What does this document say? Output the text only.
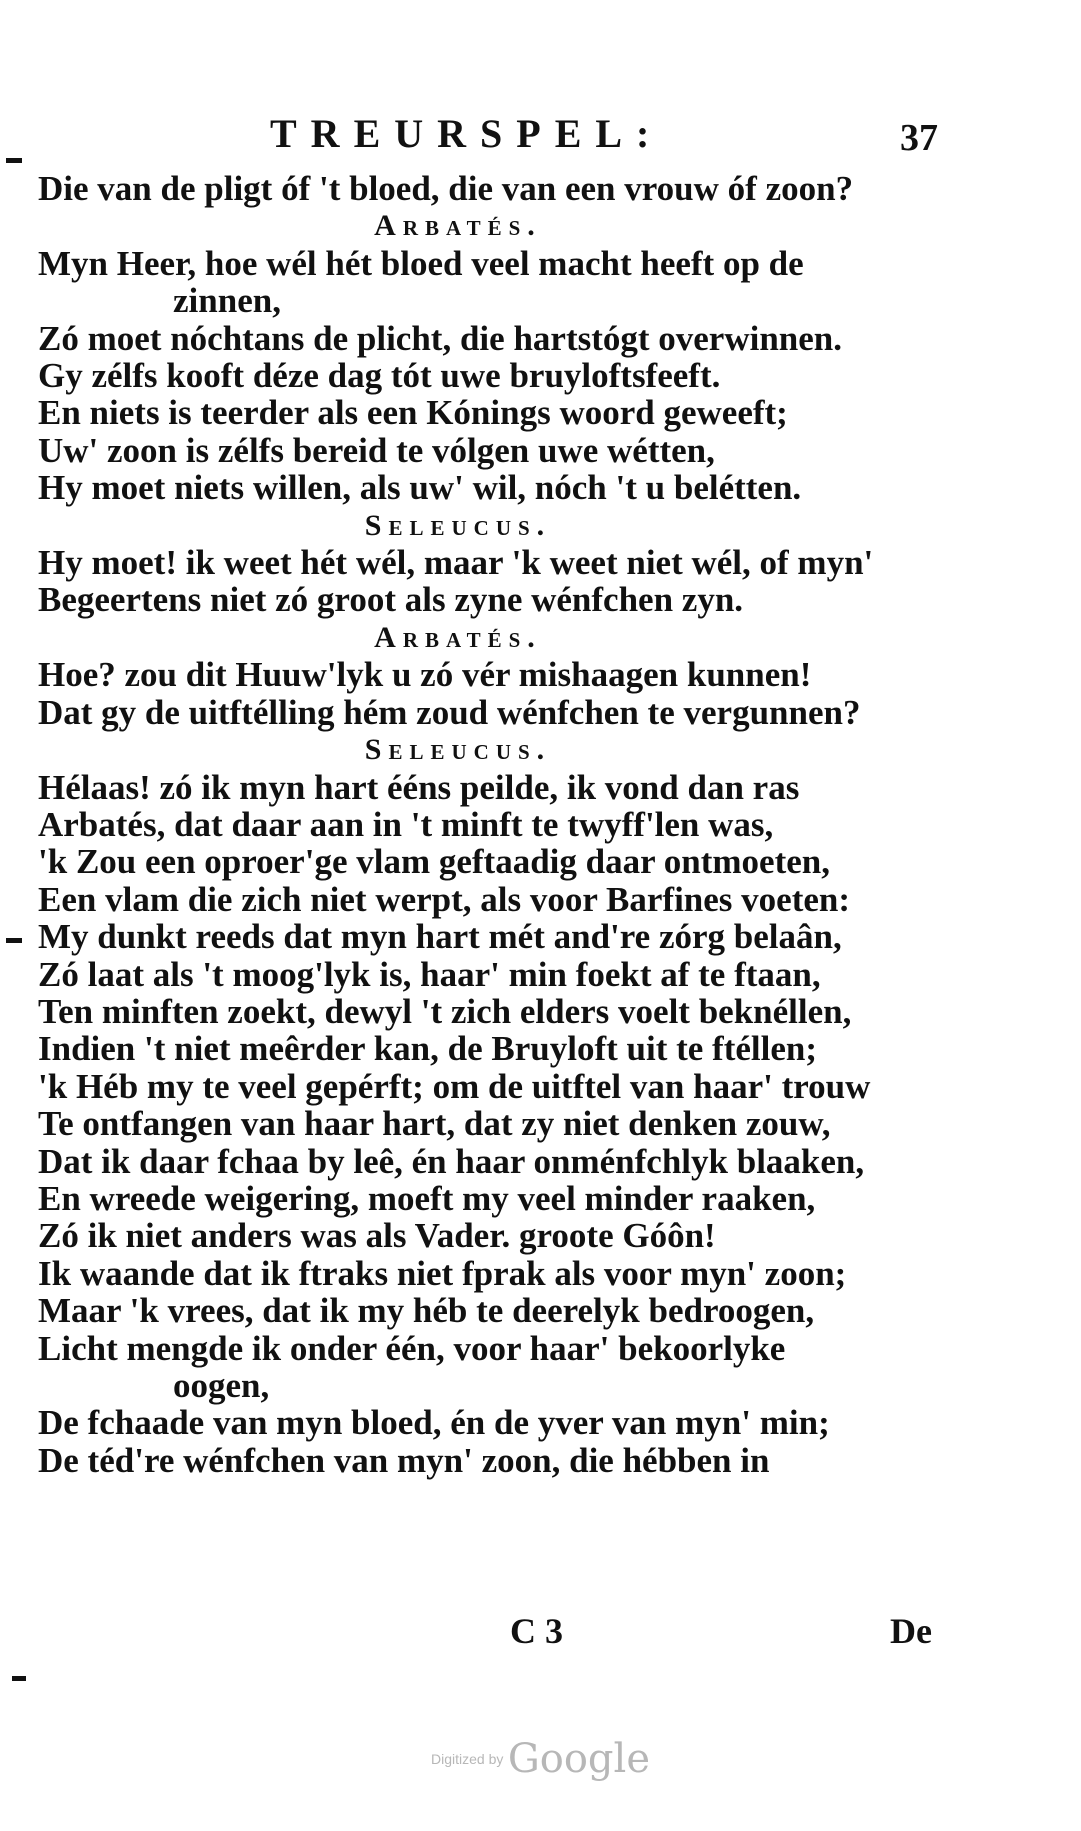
TREURSPEL:	37
Die van de pligt óf 't bloed, die van een vrouw óf zoon?
Arbatés.
Myn Heer, hoe wél hét bloed veel macht heeft op de
zinnen,
Zó moet nóchtans de plicht, die hartstógt overwinnen.
Gy zélfs kooft déze dag tót uwe bruyloftsfeeft.
En niets is teerder als een Kónings woord geweeft;
Uw' zoon is zélfs bereid te vólgen uwe wétten,
Hy moet niets willen, als uw' wil, nóch 't u belétten.
Seleucus.
Hy moet! ik weet hét wél, maar 'k weet niet wél, of myn'
Begeertens niet zó groot als zyne wénfchen zyn.
Arbatés.
Hoe? zou dit Huuw'lyk u zó vér mishaagen kunnen!
Dat gy de uitftélling hém zoud wénfchen te vergunnen?
Seleucus.
Hélaas! zó ik myn hart ééns peilde, ik vond dan ras
Arbatés, dat daar aan in 't minft te twyff'len was,
'k Zou een oproer'ge vlam geftaadig daar ontmoeten,
Een vlam die zich niet werpt, als voor Barfines voeten:
My dunkt reeds dat myn hart mét and're zórg belaân,
Zó laat als 't moog'lyk is, haar' min foekt af te ftaan,
Ten minften zoekt, dewyl 't zich elders voelt beknéllen,
Indien 't niet meêrder kan, de Bruyloft uit te ftéllen;
'k Héb my te veel gepérft; om de uitftel van haar' trouw
Te ontfangen van haar hart, dat zy niet denken zouw,
Dat ik daar fchaa by leê, én haar onménfchlyk blaaken,
En wreede weigering, moeft my veel minder raaken,
Zó ik niet anders was als Vader. groote Góôn!
Ik waande dat ik ftraks niet fprak als voor myn' zoon;
Maar 'k vrees, dat ik my héb te deerelyk bedroogen,
Licht mengde ik onder één, voor haar' bekoorlyke
oogen,
De fchaade van myn bloed, én de yver van myn' min;
De téd're wénfchen van myn' zoon, die hébben in
C 3	De
Digitized by Google
